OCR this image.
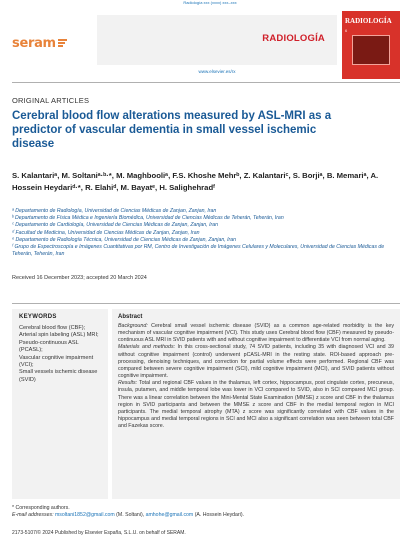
Radiología xxx (xxxx) xxx–xxx
seram	RADIOLOGÍA
www.elsevier.es/rx
RADIOLOGÍA
6
ORIGINAL ARTICLES
Cerebral blood flow alterations measured by ASL-MRI as a predictor of vascular dementia in small vessel ischemic disease
S. Kalantariᵃ, M. Soltaniᵃ·ᵇ·*, M. Maghbooliᵃ, F.S. Khoshe Mehrᵇ, Z. Kalantariᶜ, S. Borjiᵃ, B. Memariᵃ, A. Hossein Heydariᵈ·*, R. Elahiᵈ, M. Bayatᵉ, H. Salighehradᶠ
ᵃ Departamento de Radiología, Universidad de Ciencias Médicas de Zanjan, Zanjan, Iran
ᵇ Departamento de Física Médica e Ingeniería Biomédica, Universidad de Ciencias Médicas de Teherán, Teherán, Iran
ᶜ Departamento de Cardiología, Universidad de Ciencias Médicas de Zanjan, Zanjan, Iran
ᵈ Facultad de Medicina, Universidad de Ciencias Médicas de Zanjan, Zanjan, Iran
ᵉ Departamento de Radiología Técnica, Universidad de Ciencias Médicas de Zanjan, Zanjan, Iran
ᶠ Grupo de Espectroscopía e Imágenes Cuantitativas por RM, Centro de Investigación de Imágenes Celulares y Moleculares, Universidad de Ciencias Médicas de Teherán, Teherán, Iran
Received 16 December 2023; accepted 20 March 2024
KEYWORDS
Cerebral blood flow (CBF);
Arterial spin labeling (ASL) MRI;
Pseudo-continuous ASL (PCASL);
Vascular cognitive impairment (VCI);
Small vessels ischemic disease (SVID)
Abstract
Background: Cerebral small vessel ischemic disease (SVID) as a common age-related morbidity is the key mechanism of vascular cognitive impairment (VCI). This study uses Cerebral blood flow (CBF) measured by pseudo-continuous ASL MRI in SVID patients with and without cognitive impairment to differentiate VCI from normal aging.
Materials and methods: In this cross-sectional study, 74 SVID patients, including 35 with diagnosed VCI and 39 without cognitive impairment (control) underwent pCASL-MRI in the resting state. ROI-based approach pre-processing, denoising techniques, and correction for partial volume effects were performed. Regional CBF was compared between severe cognitive impairment (SCI), mild cognitive impairment (MCI), and SVID patients without cognitive impairment.
Results: Total and regional CBF values in the thalamus, left cortex, hippocampus, post cingulate cortex, precuneus, insula, putamen, and middle temporal lobe was lower in VCI compared to SVID, also in SCI compared MCI group. There was a linear correlation between the Mini-Mental State Examination (MMSE) z score and CBF in the thalamus region in SVID participants and between the MMSE z score and CBF in the medial temporal region in MCI participants. The medial temporal atrophy (MTA) z score was significantly correlated with CBF values in the hippocampus and medial temporal regions in SCI and MCI also a significant correlation was seen between total CBF and Fazekas score.
* Corresponding authors.
E-mail addresses: msoltani1852@gmail.com (M. Soltani), amhohe@gmail.com (A. Hossein Heydari).
2173-5107/© 2024 Published by Elsevier España, S.L.U. on behalf of SERAM.
